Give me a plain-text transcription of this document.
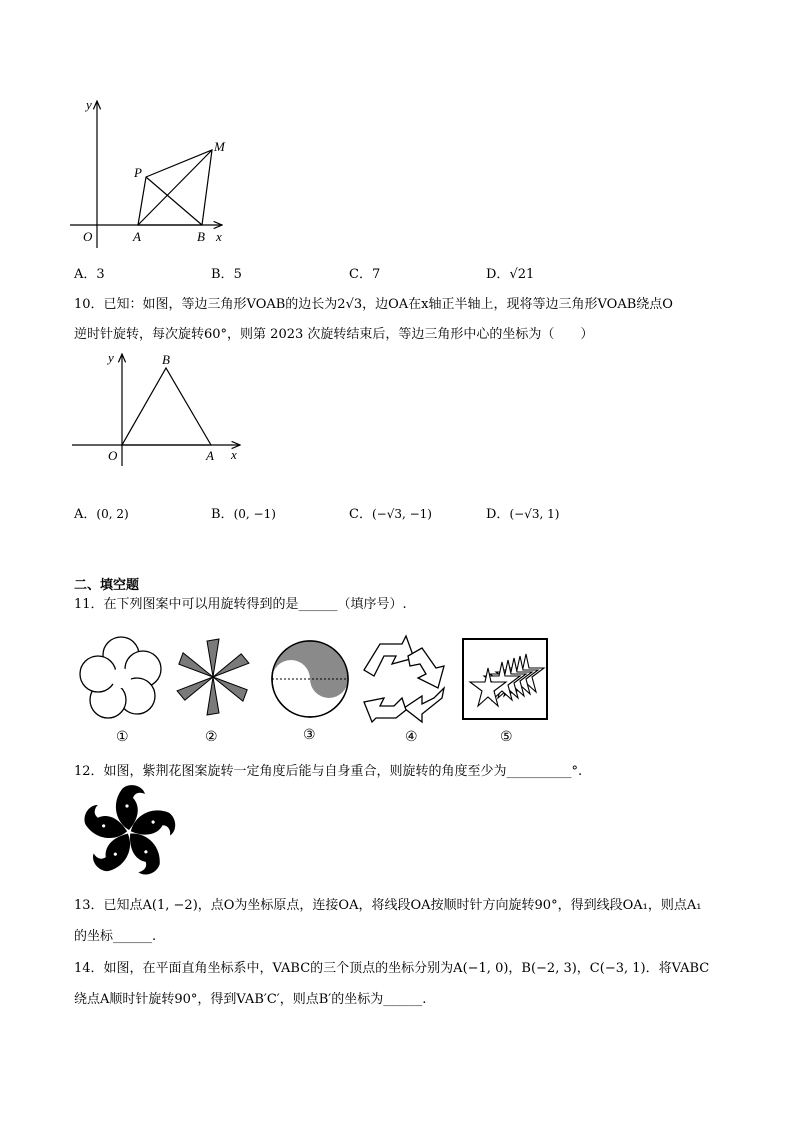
y
x
O	A	B
P
M
A．3	B．5	C．7	D．√21
10．已知：如图，等边三角形VOAB的边长为2√3，边OA在x轴正半轴上，现将等边三角形VOAB绕点O
逆时针旋转，每次旋转60°，则第 2023 次旋转结束后，等边三角形中心的坐标为（　　）
y
x
O	A
B
A．(0, 2)	B．(0, −1)	C．(−√3, −1)	D．(−√3, 1)
二、填空题
11．在下列图案中可以用旋转得到的是______（填序号）.
①	②	③	④	⑤
12．如图，紫荆花图案旋转一定角度后能与自身重合，则旋转的角度至少为__________°.
13．已知点A(1, −2)，点O为坐标原点，连接OA，将线段OA按顺时针方向旋转90°，得到线段OA₁，则点A₁
的坐标______.
14．如图，在平面直角坐标系中，VABC的三个顶点的坐标分别为A(−1, 0)，B(−2, 3)，C(−3, 1)．将VABC
绕点A顺时针旋转90°，得到VAB′C′，则点B′的坐标为______.
